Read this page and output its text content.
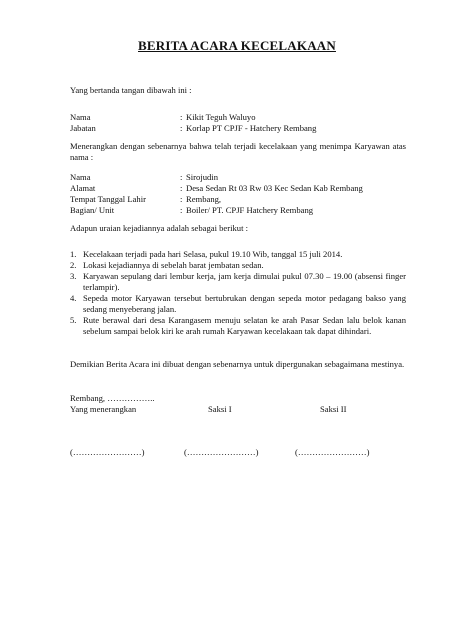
BERITA ACARA KECELAKAAN
Yang bertanda tangan dibawah ini :
Nama	: Kikit Teguh Waluyo
Jabatan	: Korlap PT CPJF - Hatchery Rembang
Menerangkan dengan sebenarnya bahwa telah terjadi kecelakaan yang menimpa Karyawan atas nama :
Nama	: Sirojudin
Alamat	: Desa Sedan Rt 03 Rw 03 Kec Sedan Kab Rembang
Tempat Tanggal Lahir	: Rembang,
Bagian/ Unit	: Boiler/ PT. CPJF Hatchery Rembang
Adapun uraian kejadiannya adalah sebagai berikut :
1. Kecelakaan terjadi pada hari Selasa, pukul 19.10 Wib, tanggal 15 juli 2014.
2. Lokasi kejadiannya di sebelah barat jembatan sedan.
3. Karyawan sepulang dari lembur kerja, jam kerja dimulai pukul 07.30 – 19.00 (absensi finger terlampir).
4. Sepeda motor Karyawan tersebut bertubrukan dengan sepeda motor pedagang bakso yang sedang menyeberang jalan.
5. Rute berawal dari desa Karangasem menuju selatan ke arah Pasar Sedan lalu belok kanan sebelum sampai belok kiri ke arah rumah Karyawan kecelakaan tak dapat dihindari.
Demikian Berita Acara ini dibuat dengan sebenarnya untuk dipergunakan sebagaimana mestinya.
Rembang, ……………..
Yang menerangkan	Saksi I	Saksi II
(……………………)	(……………………)	(……………………)
